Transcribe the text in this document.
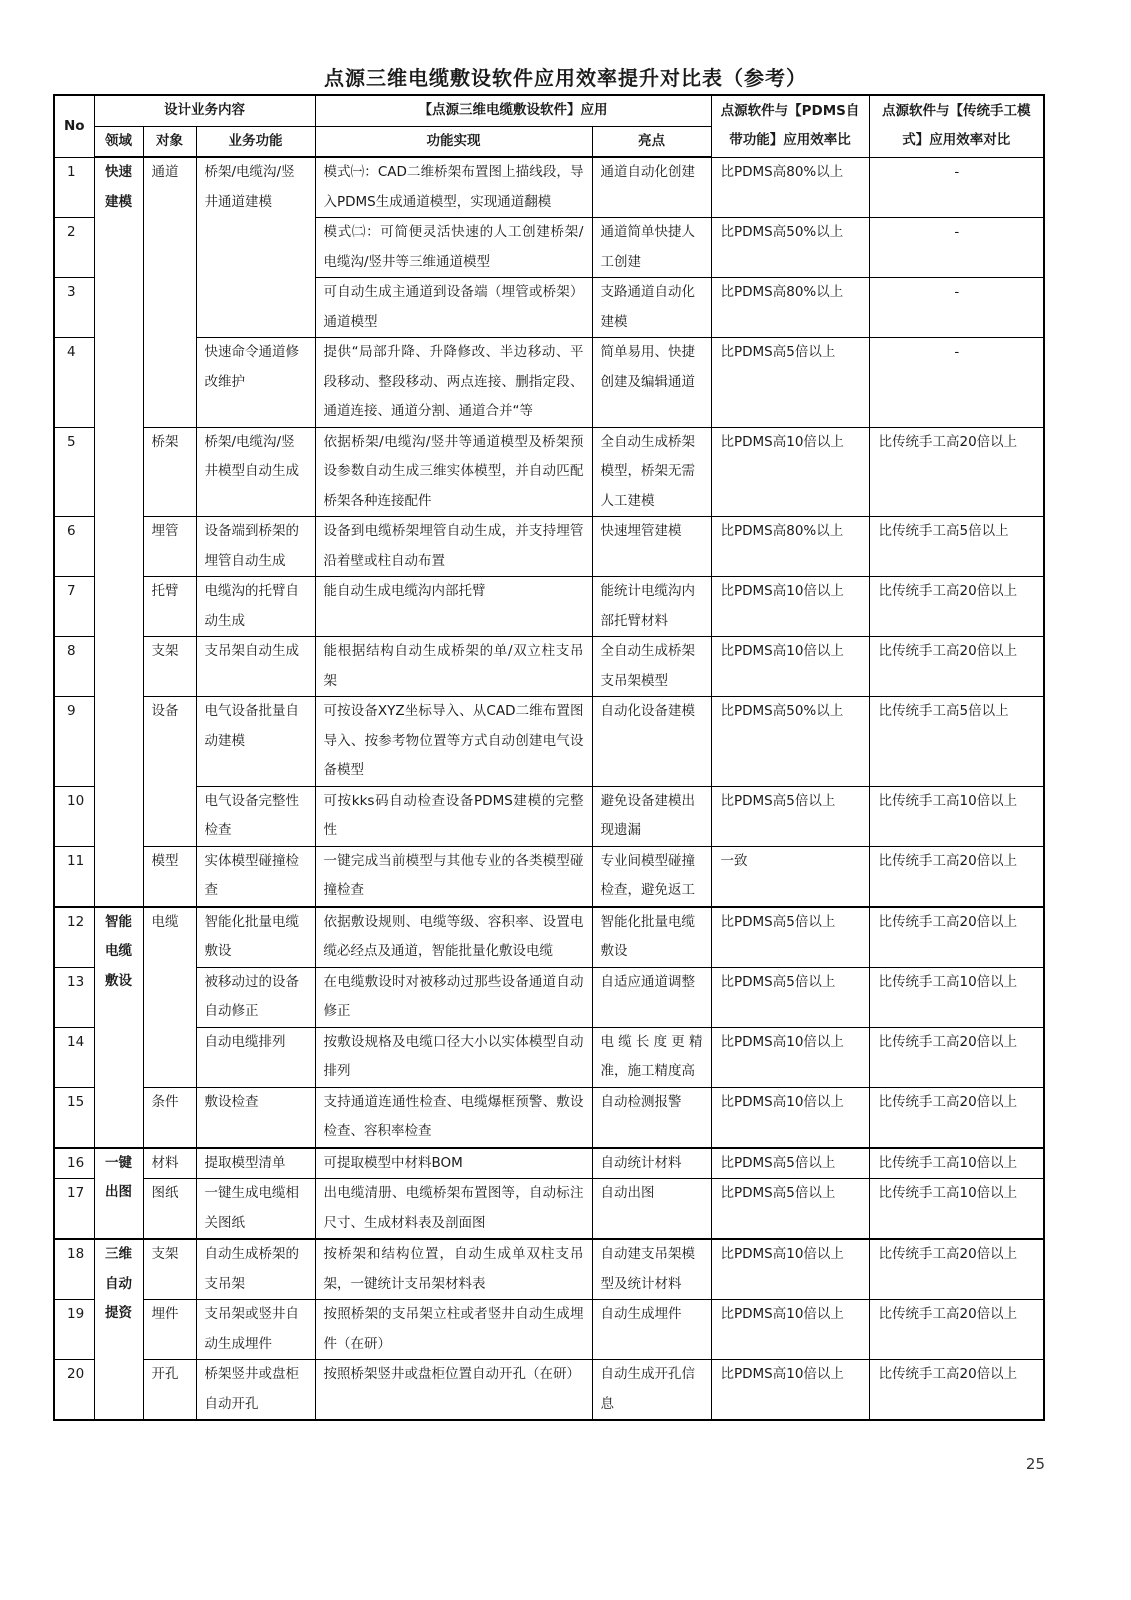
点源三维电缆敷设软件应用效率提升对比表（参考）
No	设计业务内容			【点源三维电缆敷设软件】应用		点源软件与【PDMS自带功能】应用效率比	点源软件与【传统手工模式】应用效率对比
	领域	对象	业务功能	功能实现	亮点		
1	快速建模	通道	桥架/电缆沟/竖井通道建模	模式㈠：CAD二维桥架布置图上描线段，导入PDMS生成通道模型，实现通道翻模	通道自动化创建	比PDMS高80%以上	-
2				模式㈡：可简便灵活快速的人工创建桥架/电缆沟/竖井等三维通道模型	通道简单快捷人工创建	比PDMS高50%以上	-
3				可自动生成主通道到设备端（埋管或桥架）通道模型	支路通道自动化建模	比PDMS高80%以上	-
4			快速命令通道修改维护	提供“局部升降、升降修改、半边移动、平段移动、整段移动、两点连接、删指定段、通道连接、通道分割、通道合并“等	简单易用、快捷创建及编辑通道	比PDMS高5倍以上	-
5		桥架	桥架/电缆沟/竖井模型自动生成	依据桥架/电缆沟/竖井等通道模型及桥架预设参数自动生成三维实体模型，并自动匹配桥架各种连接配件	全自动生成桥架模型，桥架无需人工建模	比PDMS高10倍以上	比传统手工高20倍以上
6		埋管	设备端到桥架的埋管自动生成	设备到电缆桥架埋管自动生成，并支持埋管沿着壁或柱自动布置	快速埋管建模	比PDMS高80%以上	比传统手工高5倍以上
7		托臂	电缆沟的托臂自动生成	能自动生成电缆沟内部托臂	能统计电缆沟内部托臂材料	比PDMS高10倍以上	比传统手工高20倍以上
8		支架	支吊架自动生成	能根据结构自动生成桥架的单/双立柱支吊架	全自动生成桥架支吊架模型	比PDMS高10倍以上	比传统手工高20倍以上
9		设备	电气设备批量自动建模	可按设备XYZ坐标导入、从CAD二维布置图导入、按参考物位置等方式自动创建电气设备模型	自动化设备建模	比PDMS高50%以上	比传统手工高5倍以上
10			电气设备完整性检查	可按kks码自动检查设备PDMS建模的完整性	避免设备建模出现遗漏	比PDMS高5倍以上	比传统手工高10倍以上
11		模型	实体模型碰撞检查	一键完成当前模型与其他专业的各类模型碰撞检查	专业间模型碰撞检查，避免返工	一致	比传统手工高20倍以上
12	智能电缆敷设	电缆	智能化批量电缆敷设	依据敷设规则、电缆等级、容积率、设置电缆必经点及通道，智能批量化敷设电缆	智能化批量电缆敷设	比PDMS高5倍以上	比传统手工高20倍以上
13			被移动过的设备自动修正	在电缆敷设时对被移动过那些设备通道自动修正	自适应通道调整	比PDMS高5倍以上	比传统手工高10倍以上
14			自动电缆排列	按敷设规格及电缆口径大小以实体模型自动排列	电缆长度更精准，施工精度高	比PDMS高10倍以上	比传统手工高20倍以上
15		条件	敷设检查	支持通道连通性检查、电缆爆框预警、敷设检查、容积率检查	自动检测报警	比PDMS高10倍以上	比传统手工高20倍以上
16	一键出图	材料	提取模型清单	可提取模型中材料BOM	自动统计材料	比PDMS高5倍以上	比传统手工高10倍以上
17		图纸	一键生成电缆相关图纸	出电缆清册、电缆桥架布置图等，自动标注尺寸、生成材料表及剖面图	自动出图	比PDMS高5倍以上	比传统手工高10倍以上
18	三维自动提资	支架	自动生成桥架的支吊架	按桥架和结构位置，自动生成单双柱支吊架，一键统计支吊架材料表	自动建支吊架模型及统计材料	比PDMS高10倍以上	比传统手工高20倍以上
19		埋件	支吊架或竖井自动生成埋件	按照桥架的支吊架立柱或者竖井自动生成埋件（在研）	自动生成埋件	比PDMS高10倍以上	比传统手工高20倍以上
20		开孔	桥架竖井或盘柜自动开孔	按照桥架竖井或盘柜位置自动开孔（在研）	自动生成开孔信息	比PDMS高10倍以上	比传统手工高20倍以上
25
